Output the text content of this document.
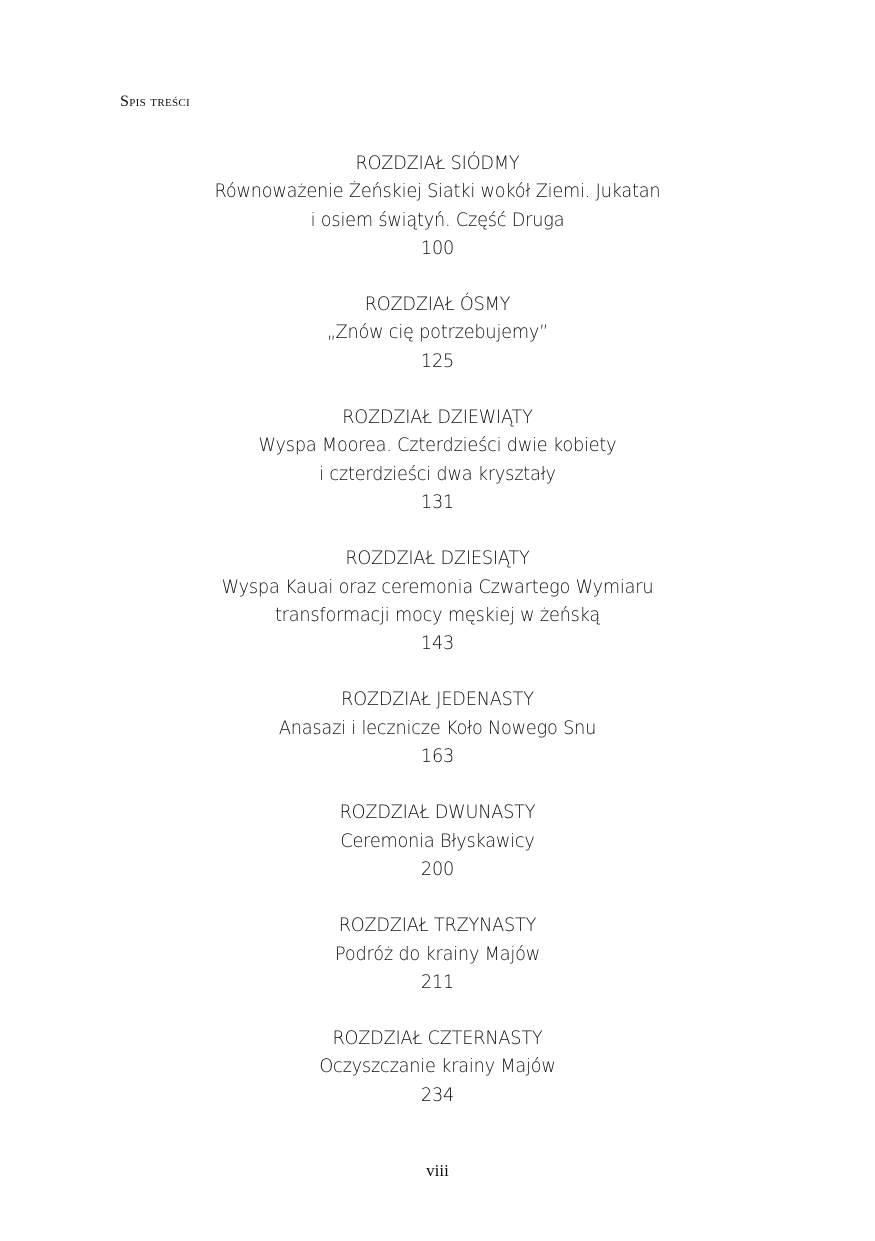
Spis treści
ROZDZIAŁ SIÓDMY
Równoważenie Żeńskiej Siatki wokół Ziemi. Jukatan
i osiem świątyń. Część Druga
100
ROZDZIAŁ ÓSMY
„Znów cię potrzebujemy”
125
ROZDZIAŁ DZIEWIĄTY
Wyspa Moorea. Czterdzieści dwie kobiety
i czterdzieści dwa kryształy
131
ROZDZIAŁ DZIESIĄTY
Wyspa Kauai oraz ceremonia Czwartego Wymiaru
transformacji mocy męskiej w żeńską
143
ROZDZIAŁ JEDENASTY
Anasazi i lecznicze Koło Nowego Snu
163
ROZDZIAŁ DWUNASTY
Ceremonia Błyskawicy
200
ROZDZIAŁ TRZYNASTY
Podróż do krainy Majów
211
ROZDZIAŁ CZTERNASTY
Oczyszczanie krainy Majów
234
viii
